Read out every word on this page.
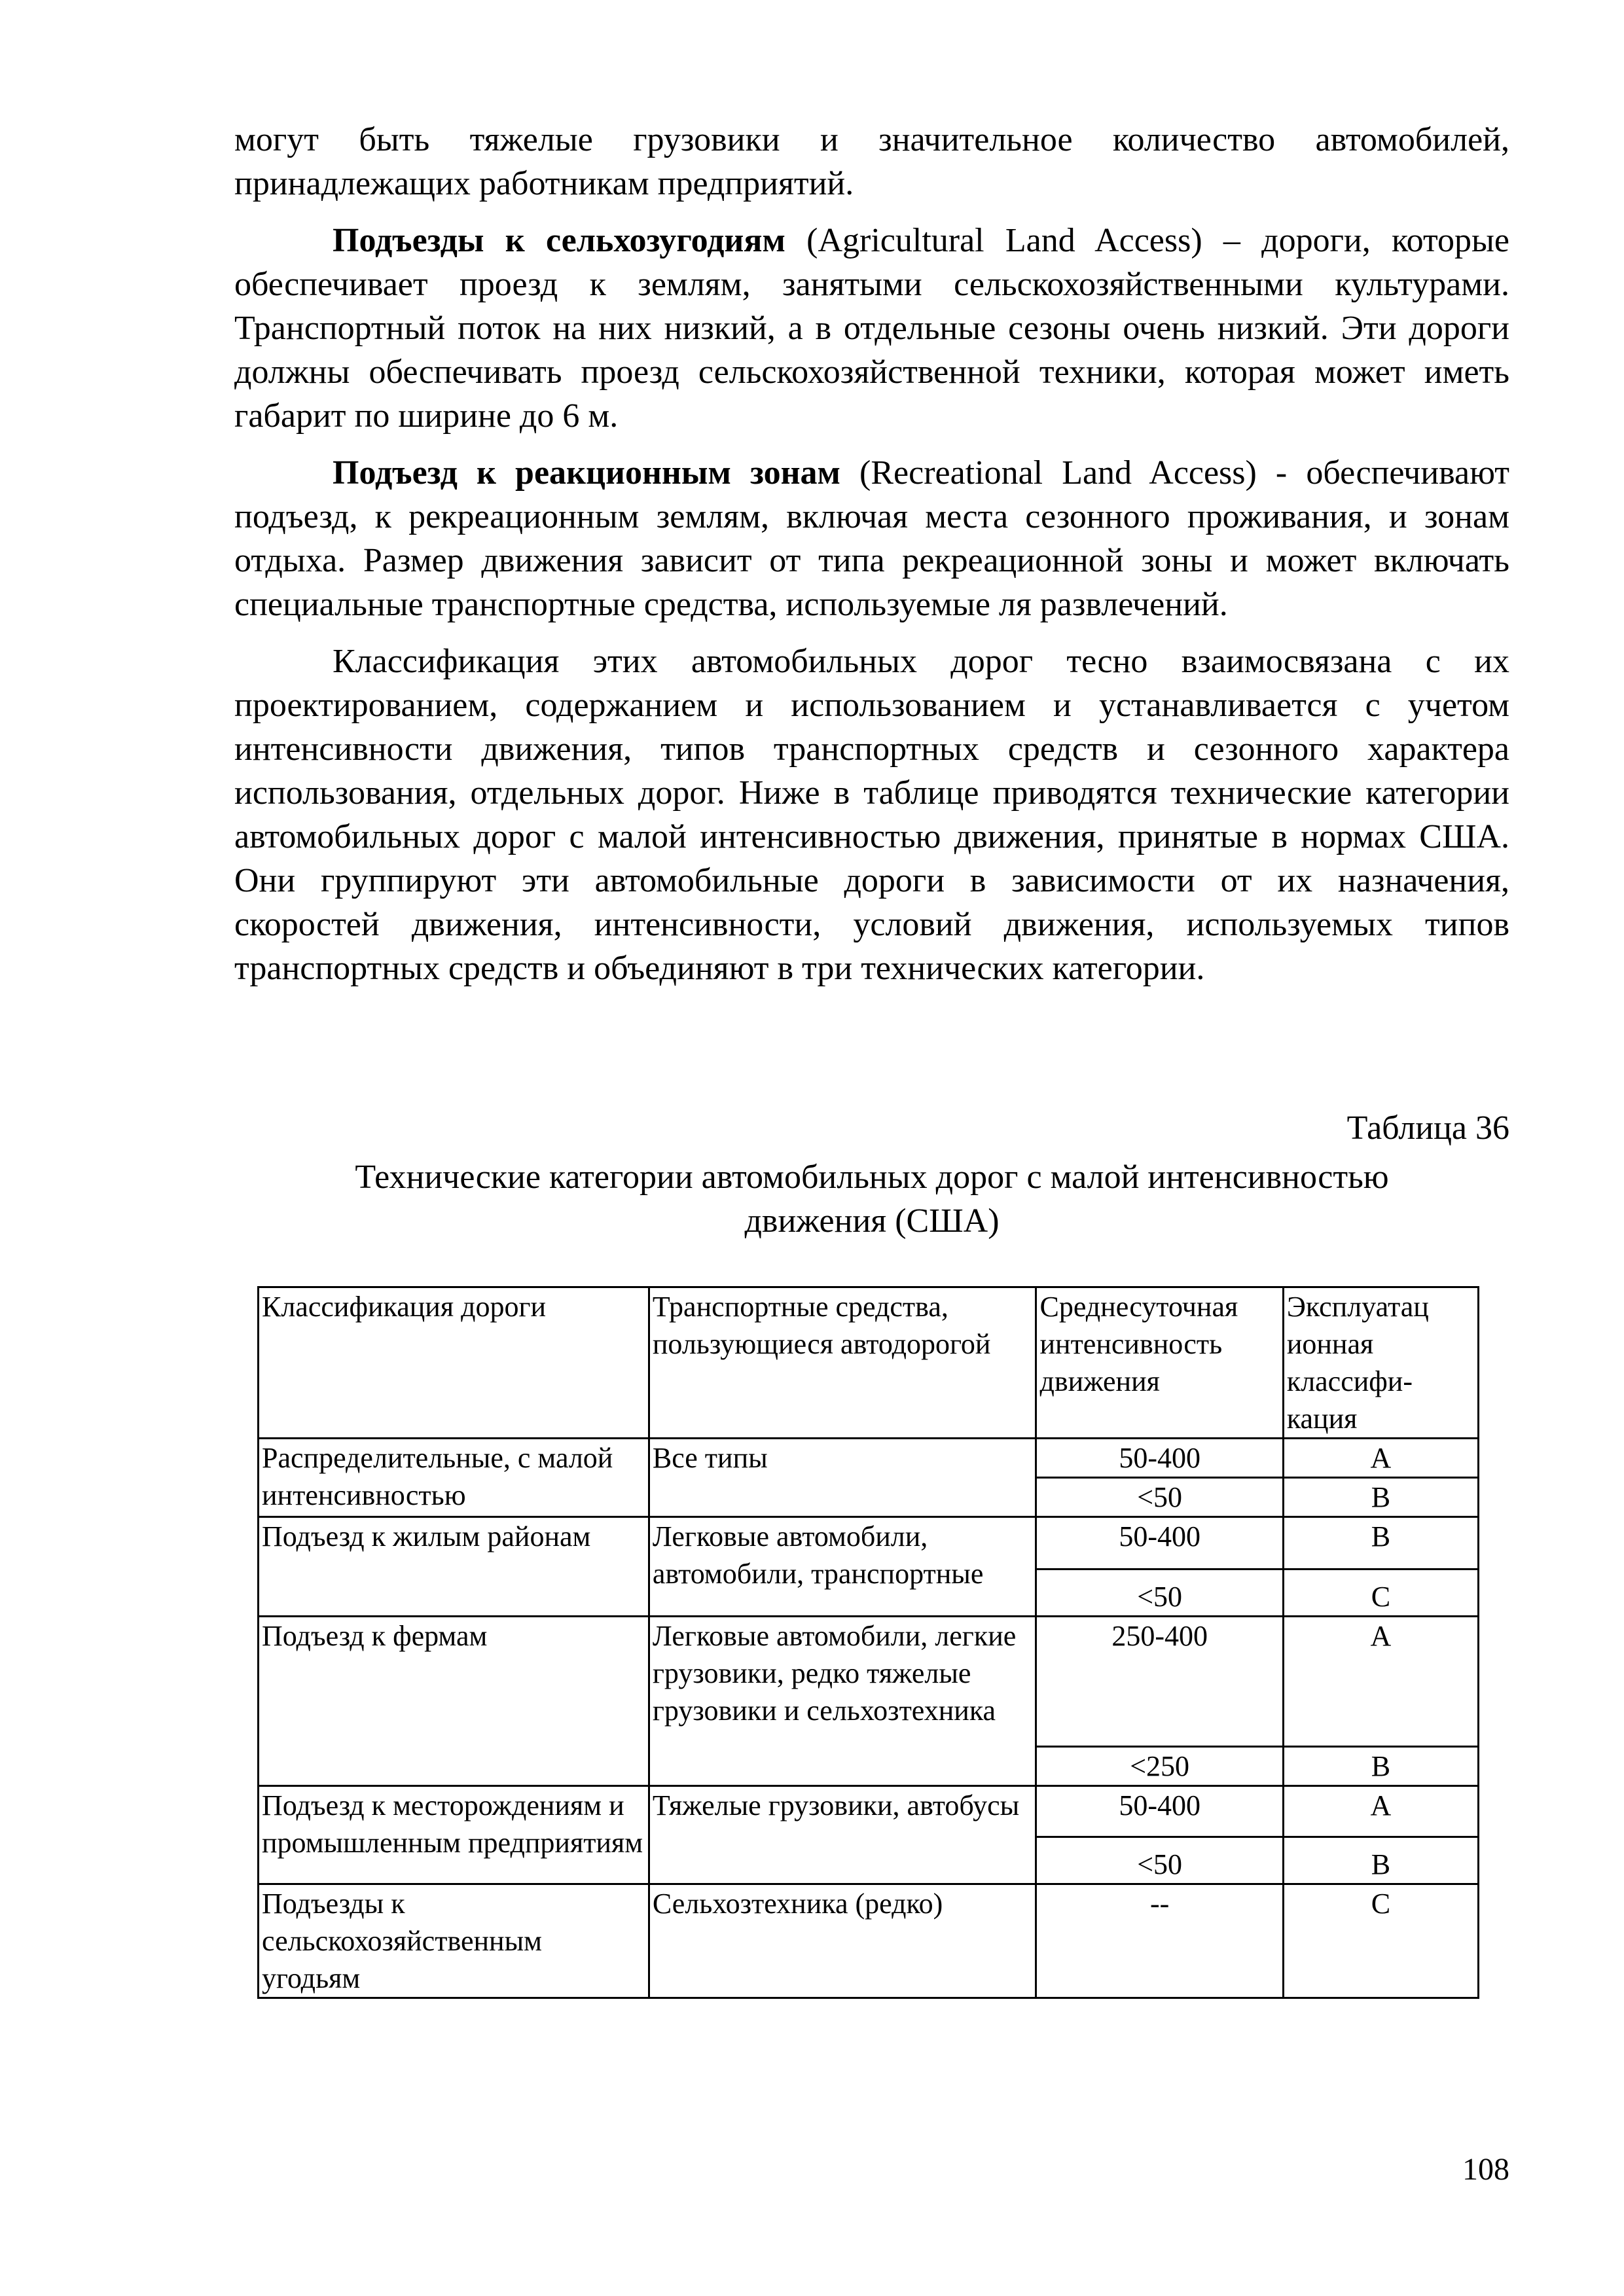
могут быть тяжелые грузовики и значительное количество автомобилей, принадлежащих работникам предприятий.

Подъезды к сельхозугодиям (Agricultural Land Access) – дороги, которые обеспечивает проезд к землям, занятыми сельскохозяйственными культурами. Транспортный поток на них низкий, а в отдельные сезоны очень низкий. Эти дороги должны обеспечивать проезд сельскохозяйственной техники, которая может иметь габарит по ширине до 6 м.

Подъезд к реакционным зонам (Recreational Land Access) - обеспечивают подъезд, к рекреационным землям, включая места сезонного проживания, и зонам отдыха. Размер движения зависит от типа рекреационной зоны и может включать специальные транспортные средства, используемые ля развлечений.

Классификация этих автомобильных дорог тесно взаимосвязана с их проектированием, содержанием и использованием и устанавливается с учетом интенсивности движения, типов транспортных средств и сезонного характера использования, отдельных дорог. Ниже в таблице приводятся технические категории автомобильных дорог с малой интенсивностью движения, принятые в нормах США. Они группируют эти автомобильные дороги в зависимости от их назначения, скоростей движения, интенсивности, условий движения, используемых типов транспортных средств и объединяют в три технических категории.

Таблица 36
Технические категории автомобильных дорог с малой интенсивностью
движения (США)
Классификация дороги	Транспортные средства, пользующиеся автодорогой	Среднесуточная интенсивность движения	Эксплуатац ионная классифи-кация
Распределительные, с малой интенсивностью	Все типы	50-400	A
		<50	B
Подъезд к жилым районам	Легковые автомобили, автомобили, транспортные	50-400	B
		<50	C
Подъезд к фермам	Легковые автомобили, легкие грузовики, редко тяжелые грузовики и сельхозтехника	250-400	A
		<250	B
Подъезд к месторождениям и промышленным предприятиям	Тяжелые грузовики, автобусы	50-400	A
		<50	B
Подъезды к сельскохозяйственным угодьям	Сельхозтехника (редко)	--	C
108
